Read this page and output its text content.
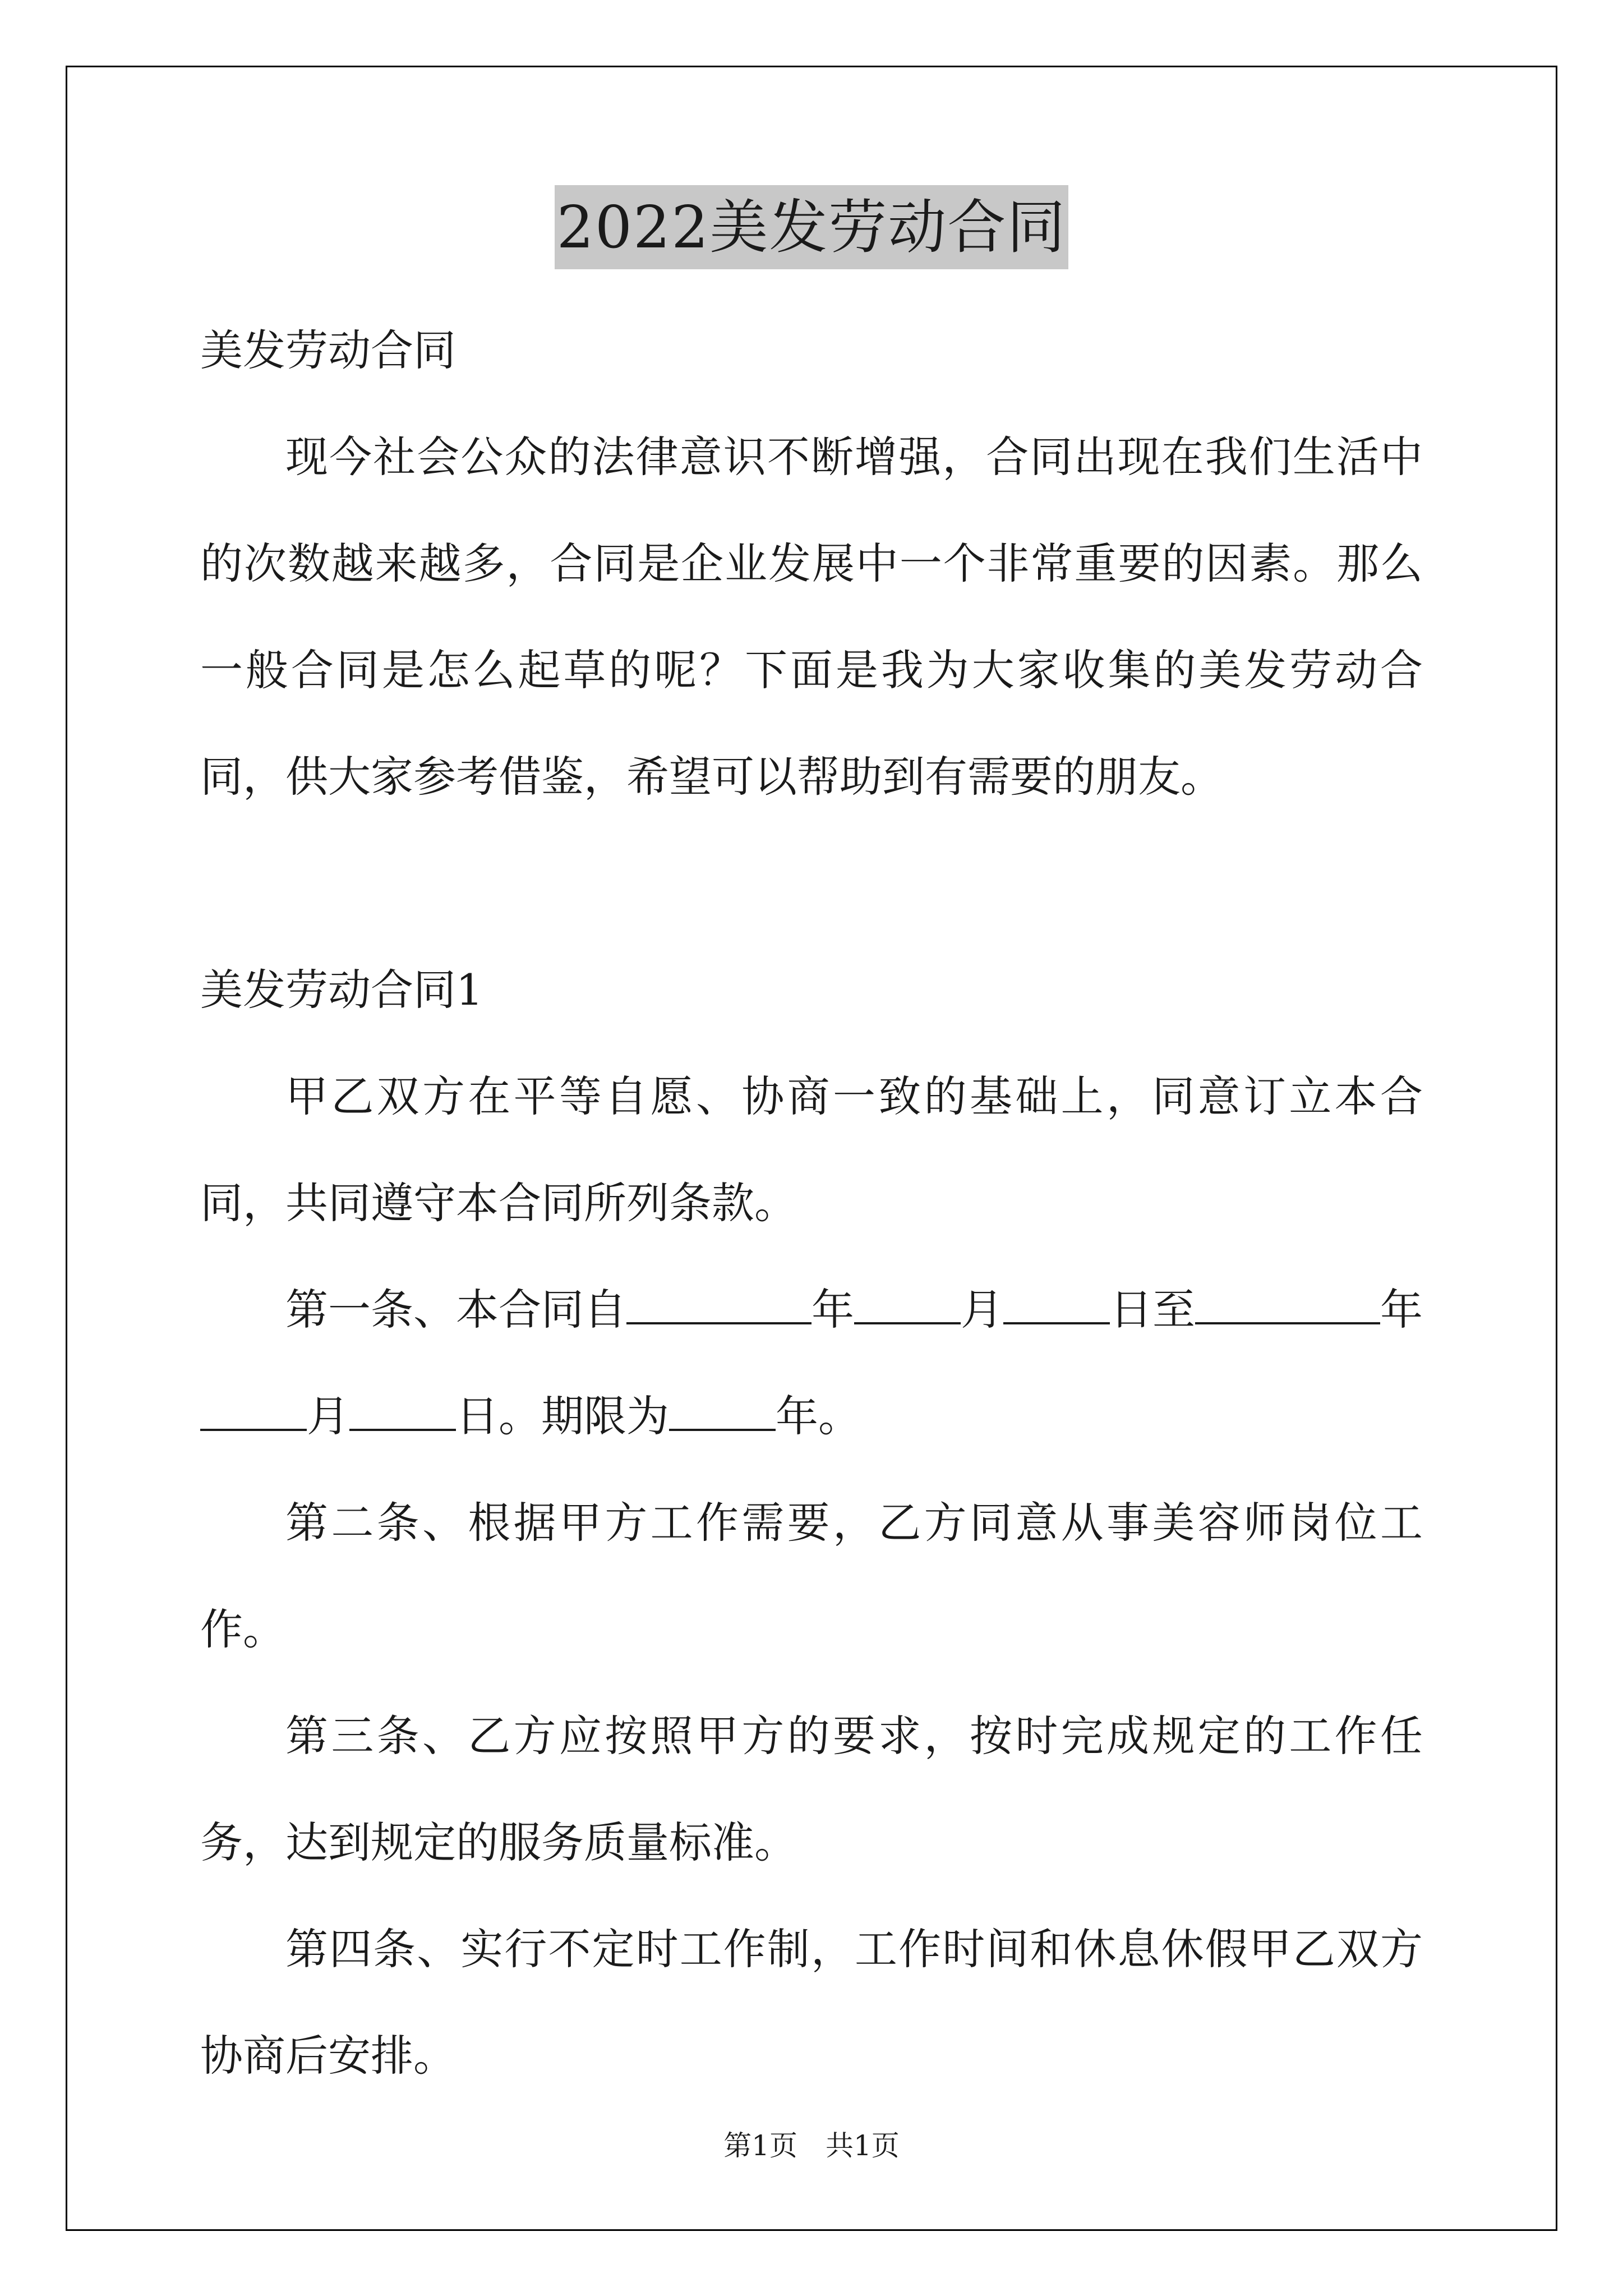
2022美发劳动合同

美发劳动合同

现今社会公众的法律意识不断增强，合同出现在我们生活中的次数越来越多，合同是企业发展中一个非常重要的因素。那么一般合同是怎么起草的呢？下面是我为大家收集的美发劳动合同，供大家参考借鉴，希望可以帮助到有需要的朋友。

美发劳动合同1

甲乙双方在平等自愿、协商一致的基础上，同意订立本合同，共同遵守本合同所列条款。

第一条、本合同自	年	月	日至	年月	日。期限为	年。

第二条、根据甲方工作需要，乙方同意从事美容师岗位工作。

第三条、乙方应按照甲方的要求，按时完成规定的工作任务，达到规定的服务质量标准。

第四条、实行不定时工作制，工作时间和休息休假甲乙双方协商后安排。

第1页　共1页
